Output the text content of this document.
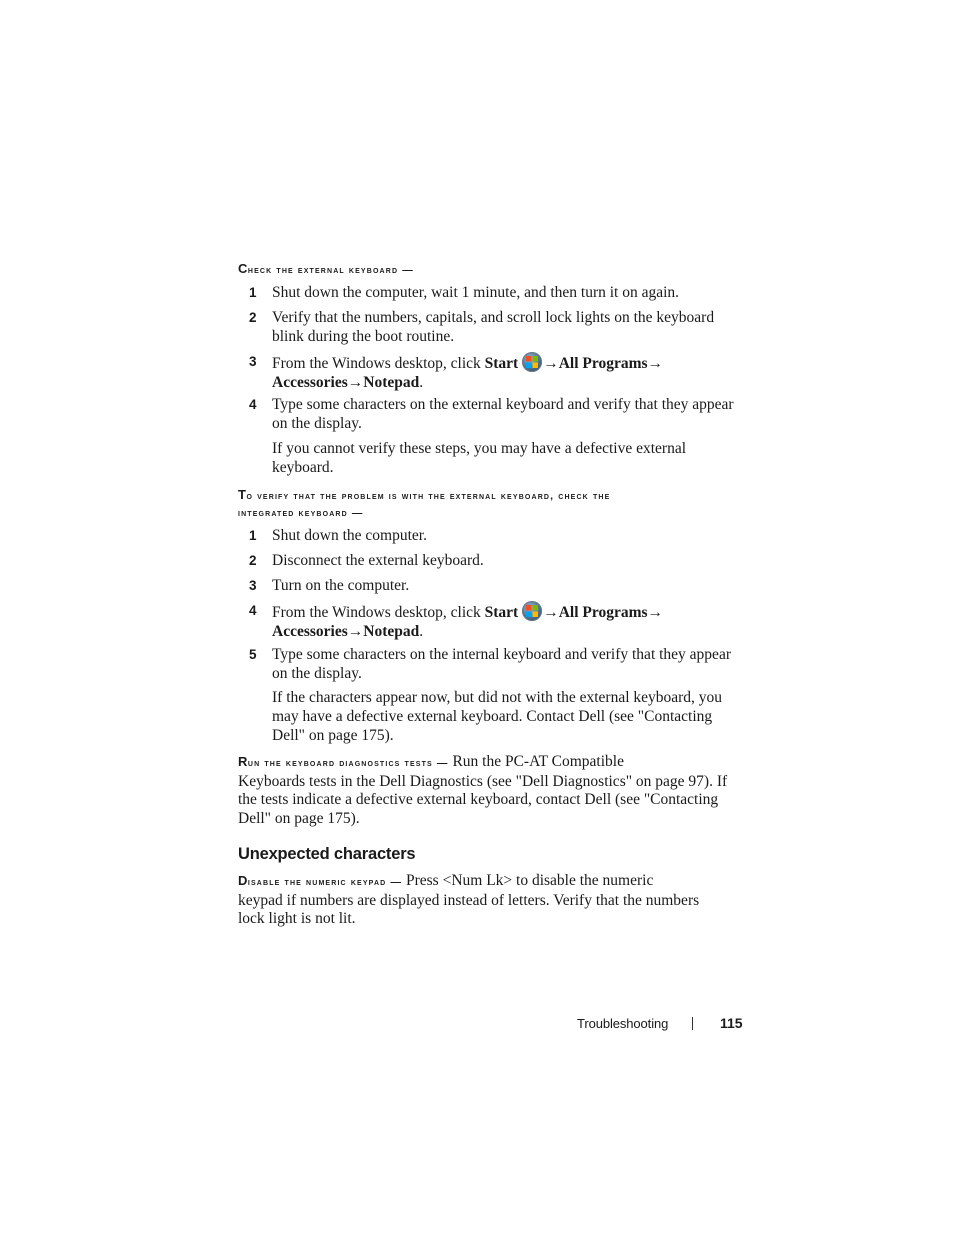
Check the external keyboard —
1 Shut down the computer, wait 1 minute, and then turn it on again.
2 Verify that the numbers, capitals, and scroll lock lights on the keyboard
blink during the boot routine.
3 From the Windows desktop, click Start →All Programs→
Accessories→Notepad.
4 Type some characters on the external keyboard and verify that they appear
on the display.
If you cannot verify these steps, you may have a defective external
keyboard.
To verify that the problem is with the external keyboard, check the
integrated keyboard —
1 Shut down the computer.
2 Disconnect the external keyboard.
3 Turn on the computer.
4 From the Windows desktop, click Start →All Programs→
Accessories→Notepad.
5 Type some characters on the internal keyboard and verify that they appear
on the display.
If the characters appear now, but did not with the external keyboard, you
may have a defective external keyboard. Contact Dell (see "Contacting
Dell" on page 175).
Run the keyboard diagnostics tests — Run the PC-AT Compatible
Keyboards tests in the Dell Diagnostics (see "Dell Diagnostics" on page 97). If
the tests indicate a defective external keyboard, contact Dell (see "Contacting
Dell" on page 175).
Unexpected characters
Disable the numeric keypad — Press <Num Lk> to disable the numeric
keypad if numbers are displayed instead of letters. Verify that the numbers
lock light is not lit.
Troubleshooting	115
